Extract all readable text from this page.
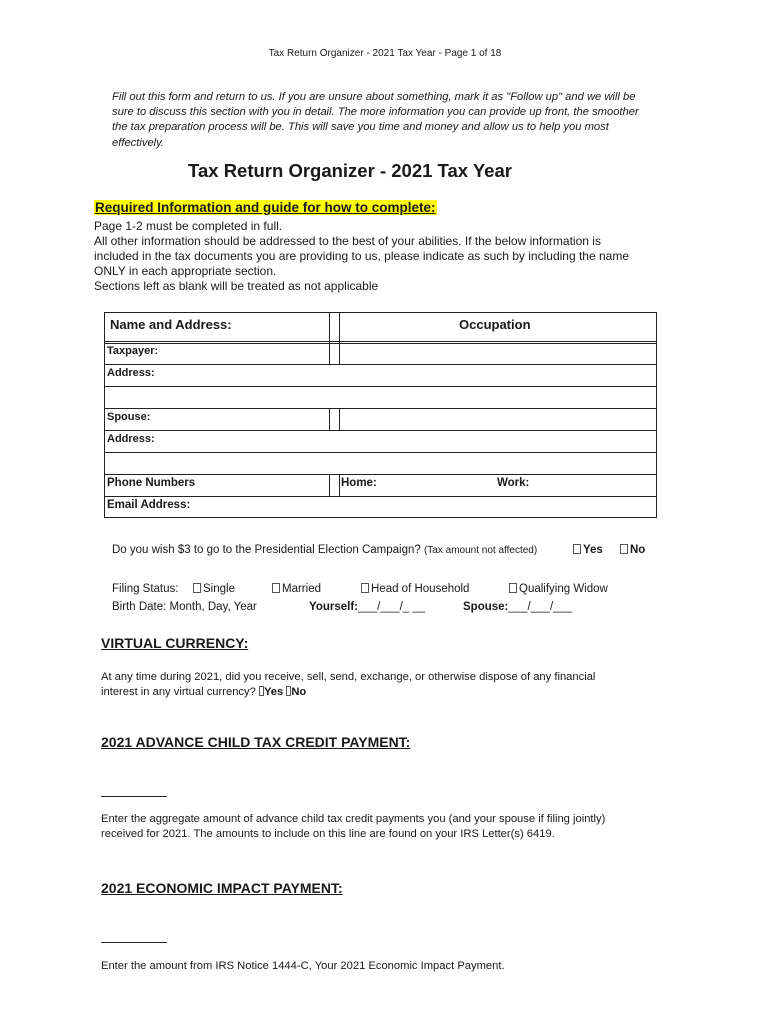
Tax Return Organizer - 2021 Tax Year - Page 1 of 18
Fill out this form and return to us. If you are unsure about something, mark it as "Follow up" and we will be sure to discuss this section with you in detail. The more information you can provide up front, the smoother the tax preparation process will be. This will save you time and money and allow us to help you most effectively.
Tax Return Organizer - 2021 Tax Year
Required Information and guide for how to complete:
Page 1-2 must be completed in full.
All other information should be addressed to the best of your abilities. If the below information is
included in the tax documents you are providing to us, please indicate as such by including the name
ONLY in each appropriate section.
Sections left as blank will be treated as not applicable
Name and Address:	Occupation
Taxpayer:
Address:
Spouse:
Address:
Phone Numbers	Home:	Work:
Email Address:
Do you wish $3 to go to the Presidential Election Campaign? (Tax amount not affected)	Yes	No
Filing Status:	Single	Married	Head of Household	Qualifying Widow
Birth Date: Month, Day, Year	Yourself:___/___/_ __	Spouse:___/___/___
VIRTUAL CURRENCY:
At any time during 2021, did you receive, sell, send, exchange, or otherwise dispose of any financial
interest in any virtual currency? Yes No
2021 ADVANCE CHILD TAX CREDIT PAYMENT:
Enter the aggregate amount of advance child tax credit payments you (and your spouse if filing jointly)
received for 2021. The amounts to include on this line are found on your IRS Letter(s) 6419.
2021 ECONOMIC IMPACT PAYMENT:
Enter the amount from IRS Notice 1444-C, Your 2021 Economic Impact Payment.
